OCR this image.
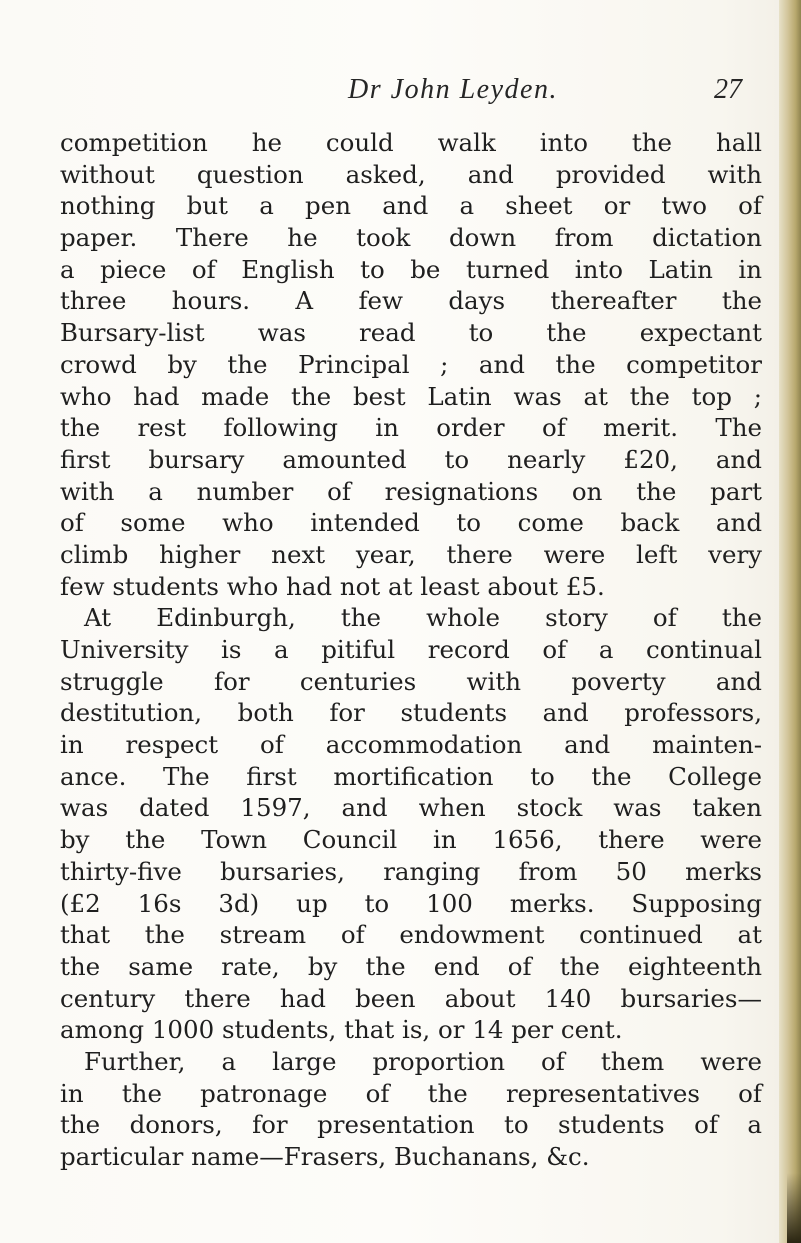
Dr John Leyden.	27
competition he could walk into the hall
without question asked, and provided with
nothing but a pen and a sheet or two of
paper. There he took down from dictation
a piece of English to be turned into Latin in
three hours. A few days thereafter the
Bursary-list was read to the expectant
crowd by the Principal ; and the competitor
who had made the best Latin was at the top ;
the rest following in order of merit. The
first bursary amounted to nearly £20, and
with a number of resignations on the part
of some who intended to come back and
climb higher next year, there were left very
few students who had not at least about £5.
At Edinburgh, the whole story of the
University is a pitiful record of a continual
struggle for centuries with poverty and
destitution, both for students and professors,
in respect of accommodation and mainten-
ance. The first mortification to the College
was dated 1597, and when stock was taken
by the Town Council in 1656, there were
thirty-five bursaries, ranging from 50 merks
(£2 16s 3d) up to 100 merks. Supposing
that the stream of endowment continued at
the same rate, by the end of the eighteenth
century there had been about 140 bursaries—
among 1000 students, that is, or 14 per cent.
Further, a large proportion of them were
in the patronage of the representatives of
the donors, for presentation to students of a
particular name—Frasers, Buchanans, &c.
